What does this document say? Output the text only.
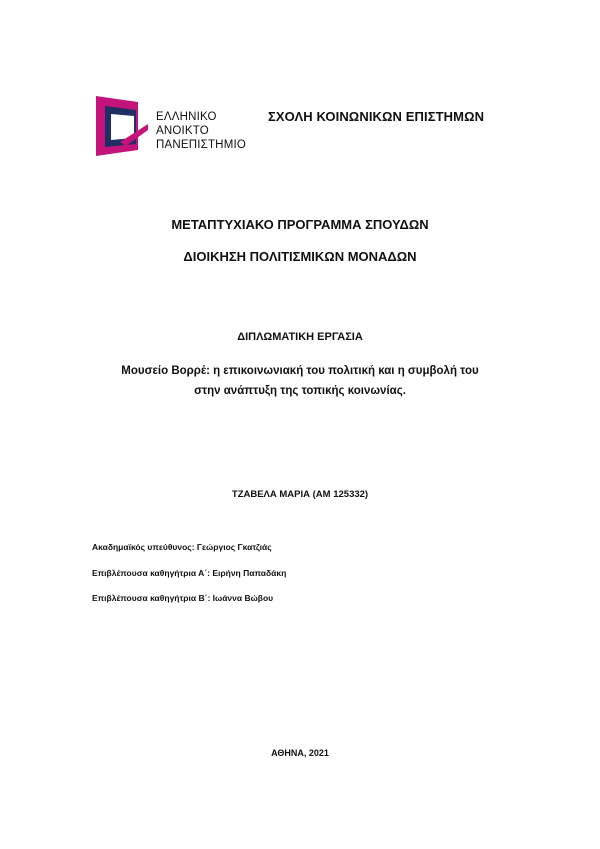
ΕΛΛΗΝΙΚΟ
ΑΝΟΙΚΤΟ
ΠΑΝΕΠΙΣΤΗΜΙΟ
ΣΧΟΛΗ ΚΟΙΝΩΝΙΚΩΝ ΕΠΙΣΤΗΜΩΝ
ΜΕΤΑΠΤΥΧΙΑΚΟ ΠΡΟΓΡΑΜΜΑ ΣΠΟΥΔΩΝ
ΔΙΟΙΚΗΣΗ ΠΟΛΙΤΙΣΜΙΚΩΝ ΜΟΝΑΔΩΝ
ΔΙΠΛΩΜΑΤΙΚΗ ΕΡΓΑΣΙΑ
Μουσείο Βορρέ: η επικοινωνιακή του πολιτική και η συμβολή του
στην ανάπτυξη της τοπικής κοινωνίας.
ΤΖΑΒΕΛΑ ΜΑΡΙΑ (ΑΜ 125332)
Ακαδημαϊκός υπεύθυνος: Γεώργιος Γκατζιάς
Επιβλέπουσα καθηγήτρια Α΄: Ειρήνη Παπαδάκη
Επιβλέπουσα καθηγήτρια Β΄: Ιωάννα Βώβου
ΑΘΗΝΑ, 2021
